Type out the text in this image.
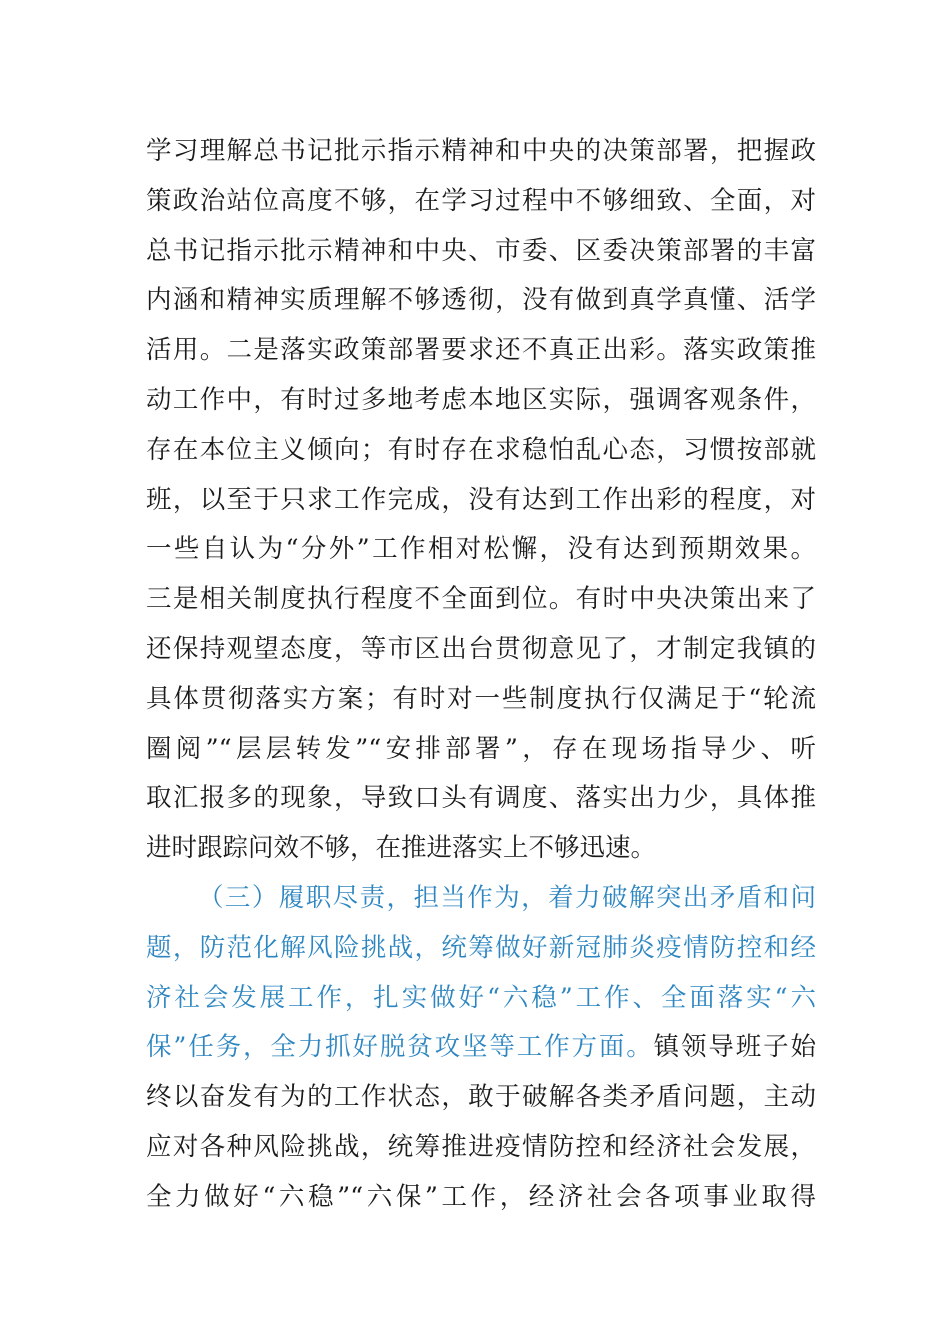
学习理解总书记批示指示精神和中央的决策部署，把握政
策政治站位高度不够，在学习过程中不够细致、全面，对
总书记指示批示精神和中央、市委、区委决策部署的丰富
内涵和精神实质理解不够透彻，没有做到真学真懂、活学
活用。二是落实政策部署要求还不真正出彩。落实政策推
动工作中，有时过多地考虑本地区实际，强调客观条件，
存在本位主义倾向；有时存在求稳怕乱心态，习惯按部就
班，以至于只求工作完成，没有达到工作出彩的程度，对
一些自认为“分外”工作相对松懈，没有达到预期效果。
三是相关制度执行程度不全面到位。有时中央决策出来了
还保持观望态度，等市区出台贯彻意见了，才制定我镇的
具体贯彻落实方案；有时对一些制度执行仅满足于“轮流
圈阅”“层层转发”“安排部署”，存在现场指导少、听
取汇报多的现象，导致口头有调度、落实出力少，具体推
进时跟踪问效不够，在推进落实上不够迅速。
（三）履职尽责，担当作为，着力破解突出矛盾和问
题，防范化解风险挑战，统筹做好新冠肺炎疫情防控和经
济社会发展工作，扎实做好“六稳”工作、全面落实“六
保”任务，全力抓好脱贫攻坚等工作方面。镇领导班子始
终以奋发有为的工作状态，敢于破解各类矛盾问题，主动
应对各种风险挑战，统筹推进疫情防控和经济社会发展，
全力做好“六稳”“六保”工作，经济社会各项事业取得
